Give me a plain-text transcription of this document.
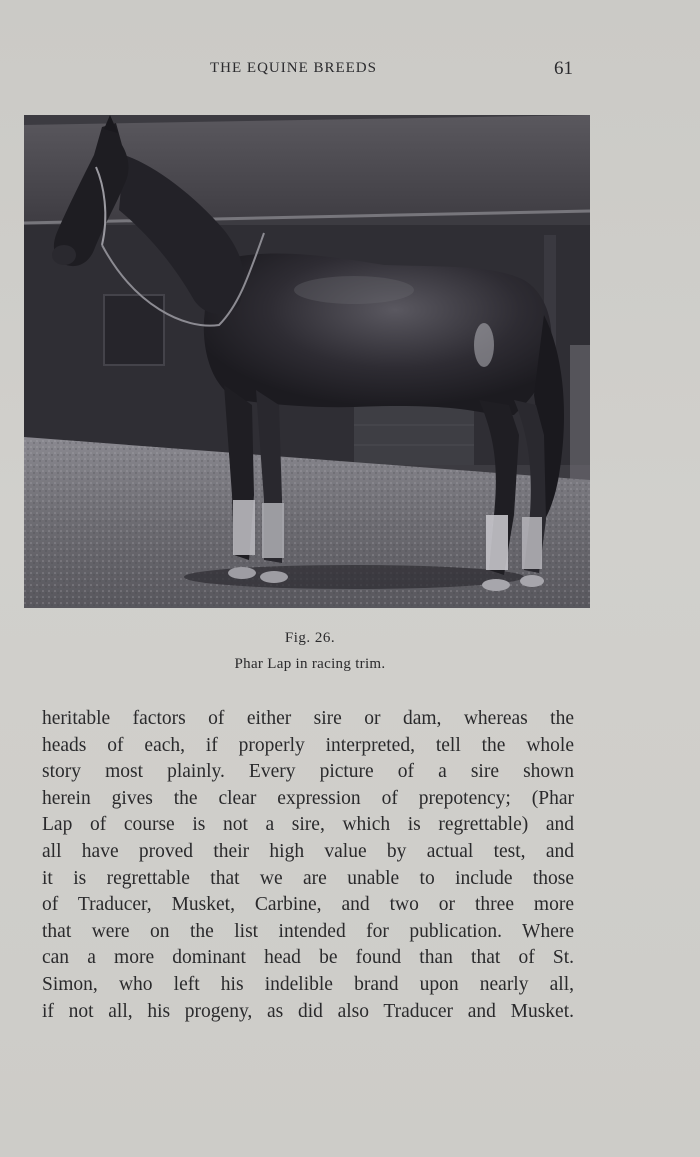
THE EQUINE BREEDS	61
Fig. 26.
Phar Lap in racing trim.
heritable factors of either sire or dam, whereas the
heads of each, if properly interpreted, tell the whole
story most plainly. Every picture of a sire shown
herein gives the clear expression of prepotency; (Phar
Lap of course is not a sire, which is regrettable) and
all have proved their high value by actual test, and
it is regrettable that we are unable to include those
of Traducer, Musket, Carbine, and two or three more
that were on the list intended for publication. Where
can a more dominant head be found than that of St.
Simon, who left his indelible brand upon nearly all,
if not all, his progeny, as did also Traducer and Musket.
